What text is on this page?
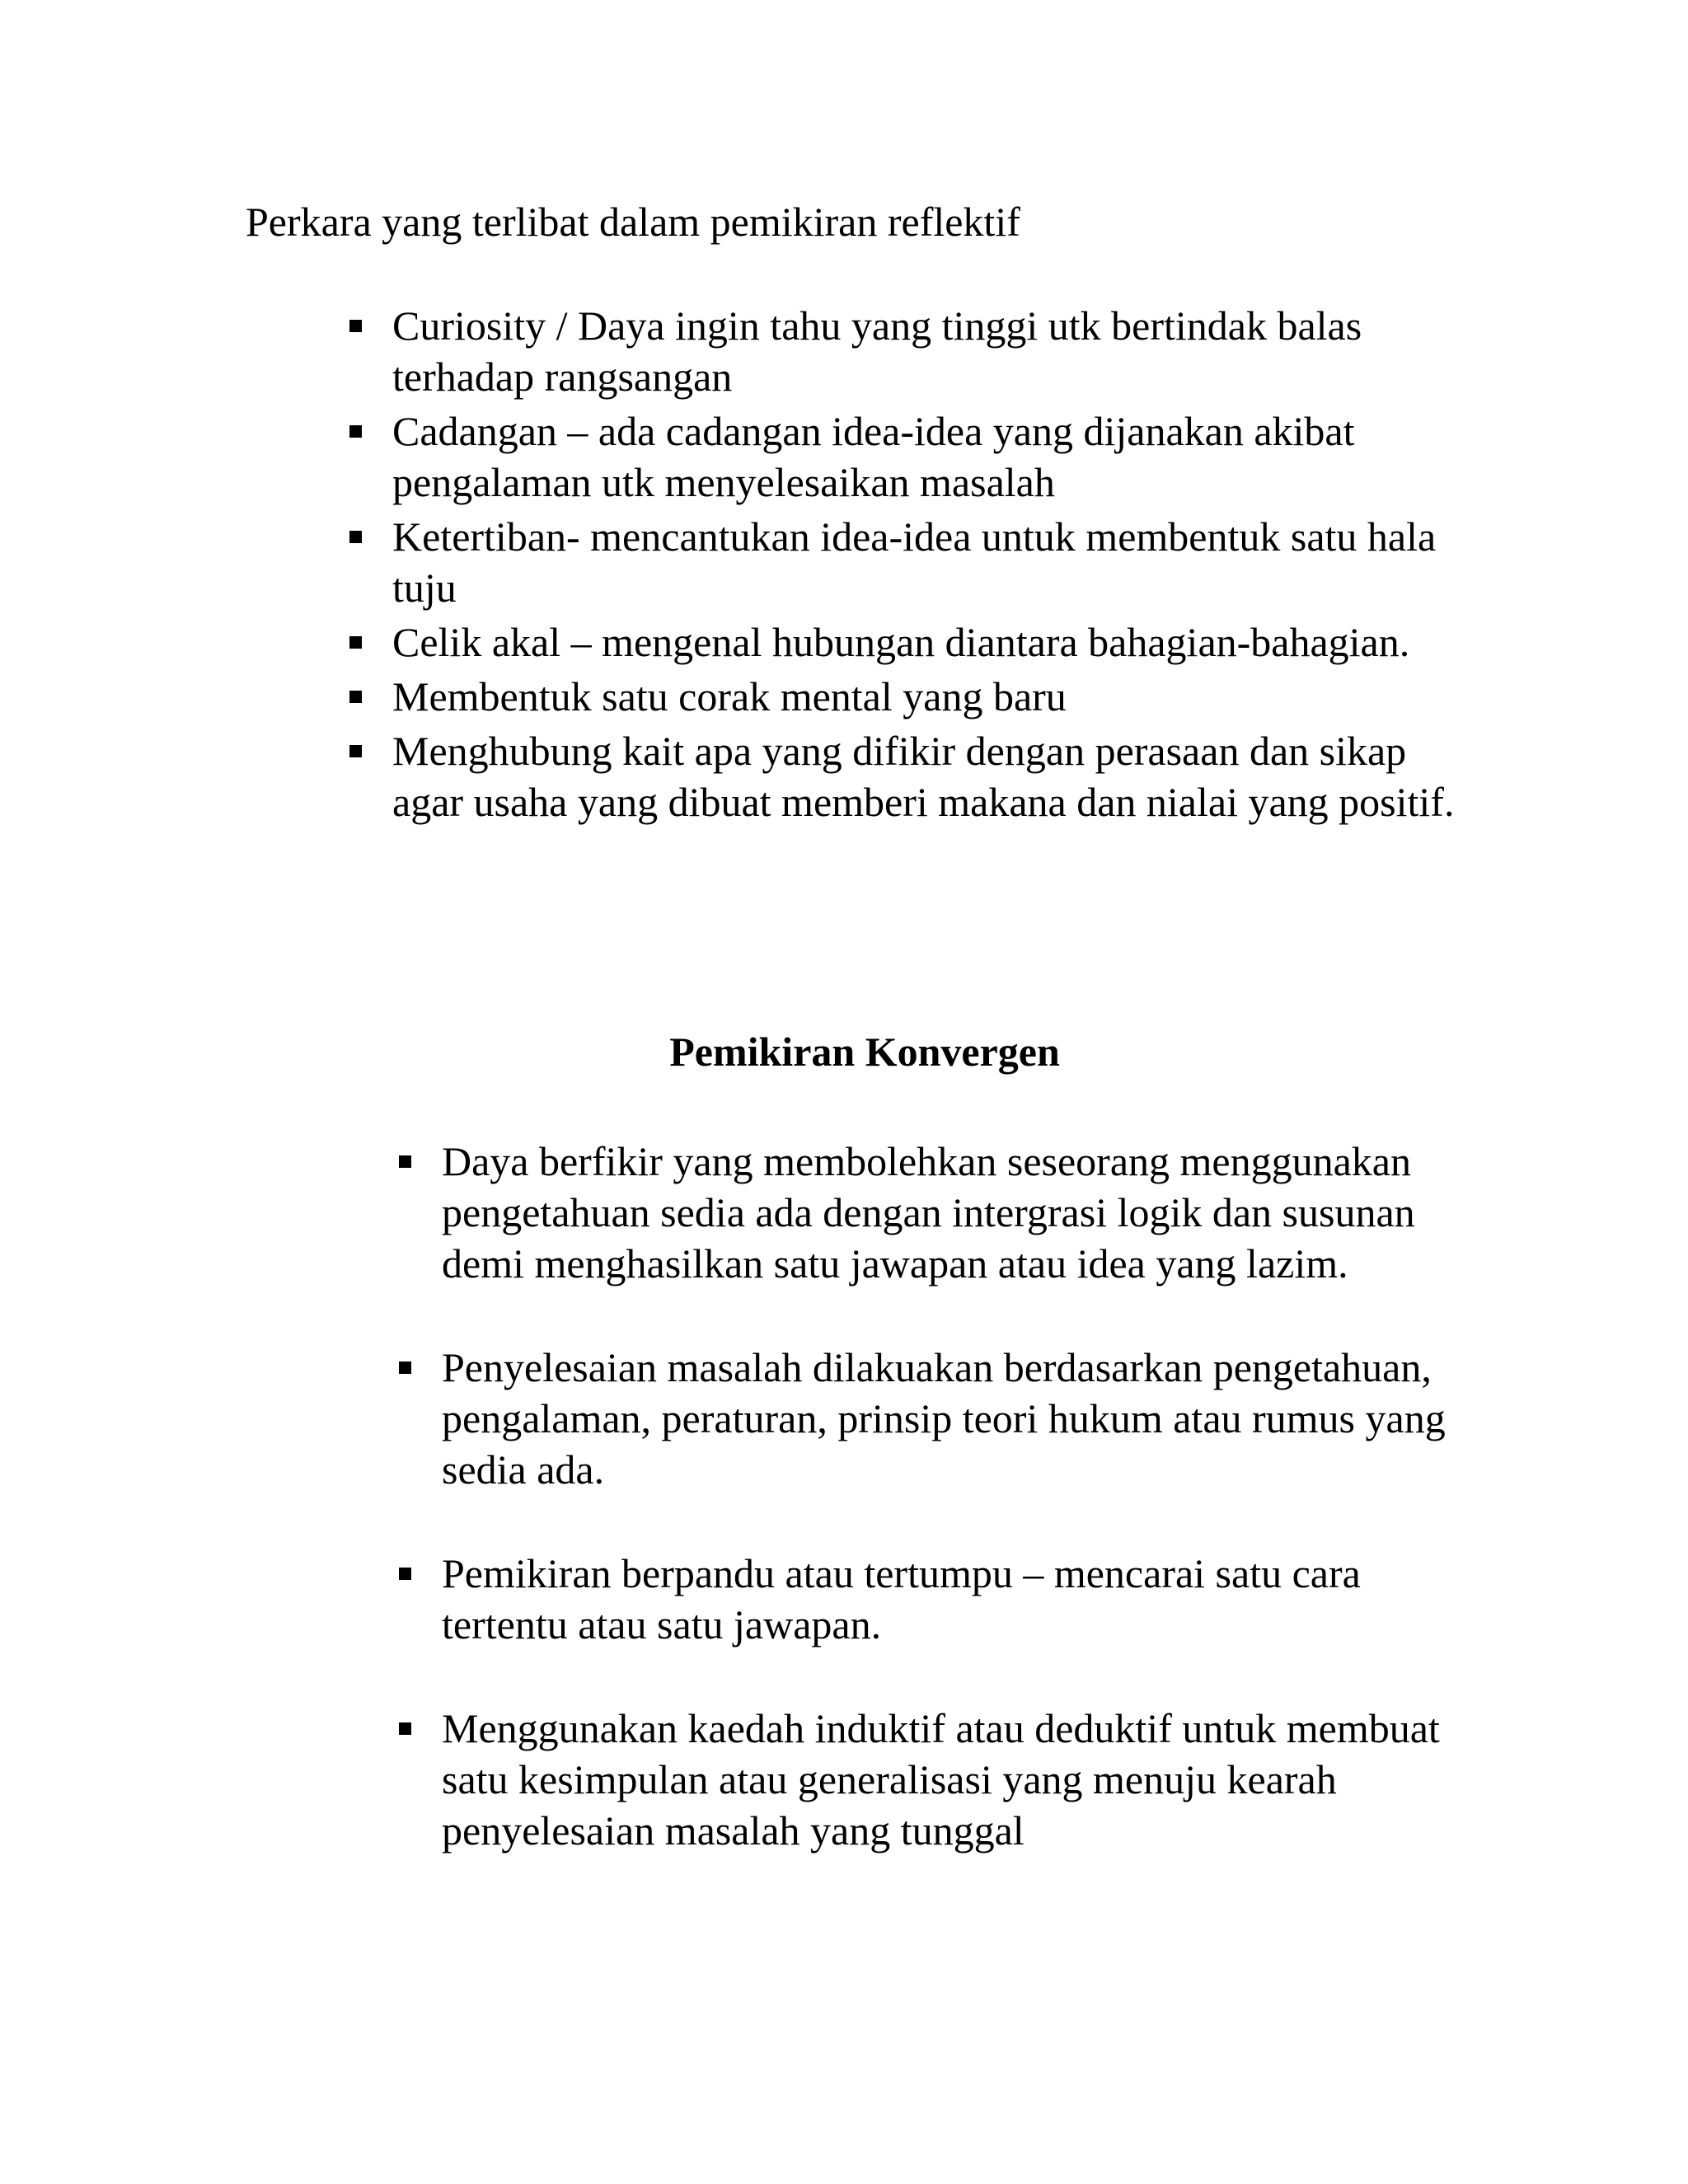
Perkara yang terlibat dalam pemikiran reflektif

Curiosity / Daya ingin tahu yang tinggi utk bertindak balas terhadap rangsangan
Cadangan – ada cadangan idea-idea yang dijanakan akibat pengalaman utk menyelesaikan masalah
Ketertiban- mencantukan idea-idea untuk membentuk satu hala tuju
Celik akal – mengenal hubungan diantara bahagian-bahagian.
Membentuk satu corak mental yang baru
Menghubung kait apa yang difikir dengan perasaan dan sikap agar usaha yang dibuat memberi makana dan nialai yang positif.
Pemikiran Konvergen
Daya berfikir yang membolehkan seseorang menggunakan pengetahuan sedia ada dengan intergrasi logik dan susunan demi menghasilkan satu jawapan atau idea yang lazim.
Penyelesaian masalah dilakuakan berdasarkan pengetahuan, pengalaman, peraturan, prinsip teori hukum atau rumus yang sedia ada.
Pemikiran berpandu atau tertumpu – mencarai satu cara tertentu atau satu jawapan.
Menggunakan kaedah induktif atau deduktif untuk membuat satu kesimpulan atau generalisasi yang menuju kearah penyelesaian masalah yang tunggal
